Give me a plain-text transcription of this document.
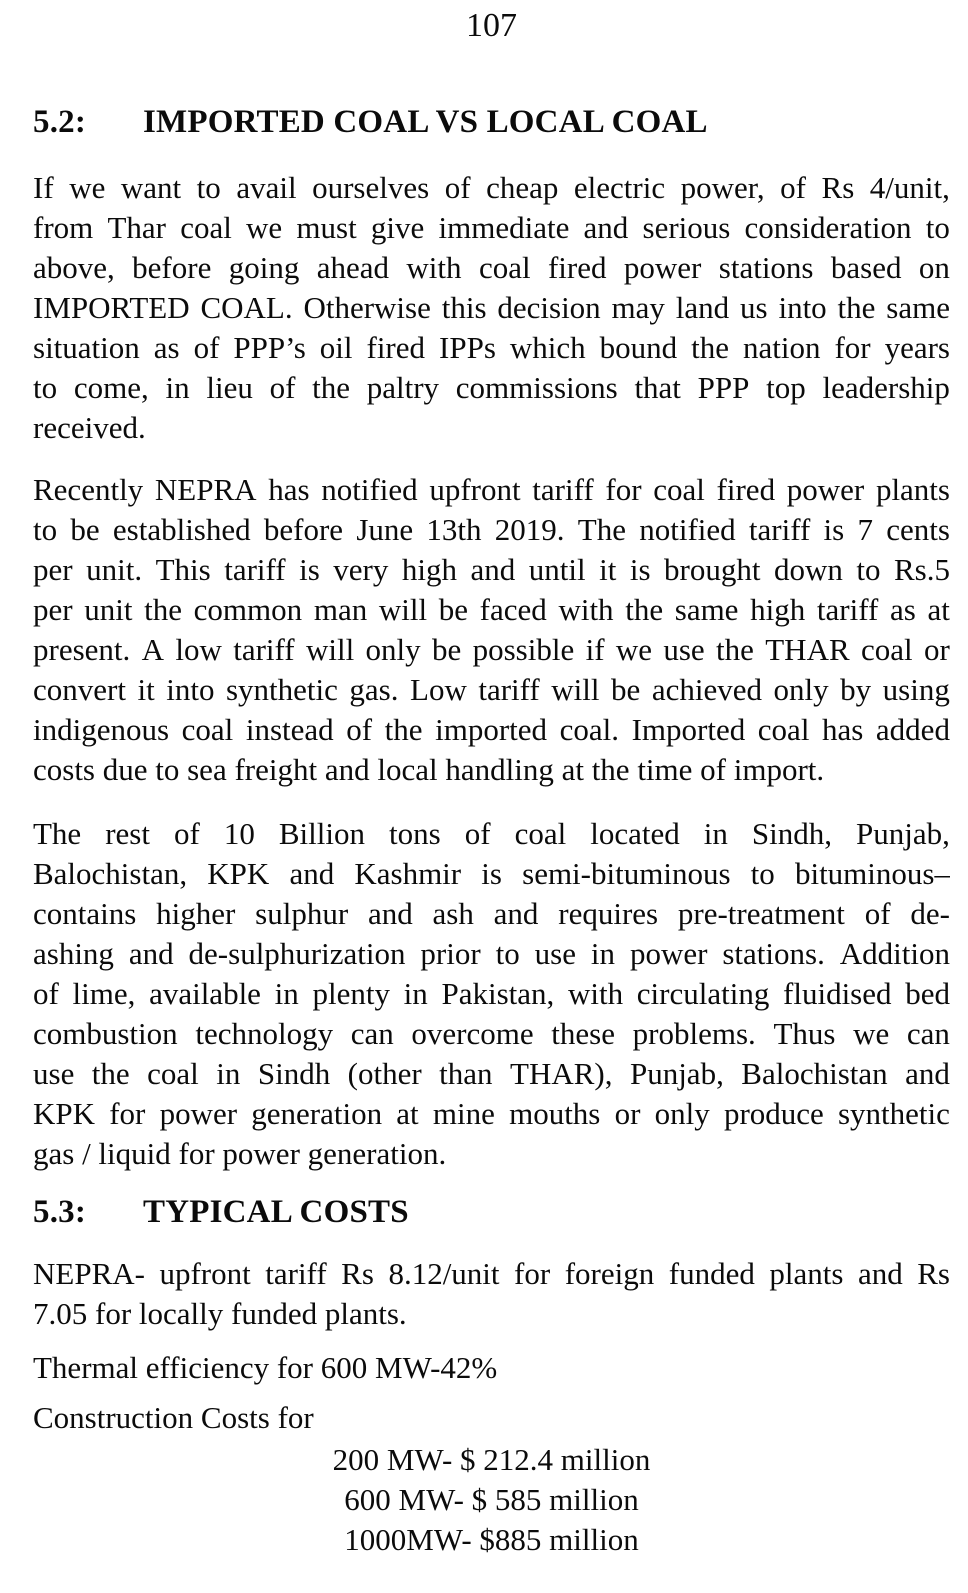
107
5.2:	IMPORTED COAL VS LOCAL COAL
If we want to avail ourselves of cheap electric power, of Rs 4/unit,
from Thar coal we must give immediate and serious consideration to
above, before going ahead with coal fired power stations based on
IMPORTED COAL. Otherwise this decision may land us into the same
situation as of PPP’s oil fired IPPs which bound the nation for years
to come, in lieu of the paltry commissions that PPP top leadership
received.
Recently NEPRA has notified upfront tariff for coal fired power plants
to be established before June 13th 2019. The notified tariff is 7 cents
per unit. This tariff is very high and until it is brought down to Rs.5
per unit the common man will be faced with the same high tariff as at
present. A low tariff will only be possible if we use the THAR coal or
convert it into synthetic gas. Low tariff will be achieved only by using
indigenous coal instead of the imported coal. Imported coal has added
costs due to sea freight and local handling at the time of import.
The rest of 10 Billion tons of coal located in Sindh, Punjab,
Balochistan, KPK and Kashmir is semi-bituminous to bituminous–
contains higher sulphur and ash and requires pre-treatment of de-
ashing and de-sulphurization prior to use in power stations. Addition
of lime, available in plenty in Pakistan, with circulating fluidised bed
combustion technology can overcome these problems. Thus we can
use the coal in Sindh (other than THAR), Punjab, Balochistan and
KPK for power generation at mine mouths or only produce synthetic
gas / liquid for power generation.
5.3:	TYPICAL COSTS
NEPRA- upfront tariff Rs 8.12/unit for foreign funded plants and Rs
7.05 for locally funded plants.
Thermal efficiency for 600 MW-42%
Construction Costs for
200 MW- $ 212.4 million
600 MW- $ 585 million
1000MW- $885 million
